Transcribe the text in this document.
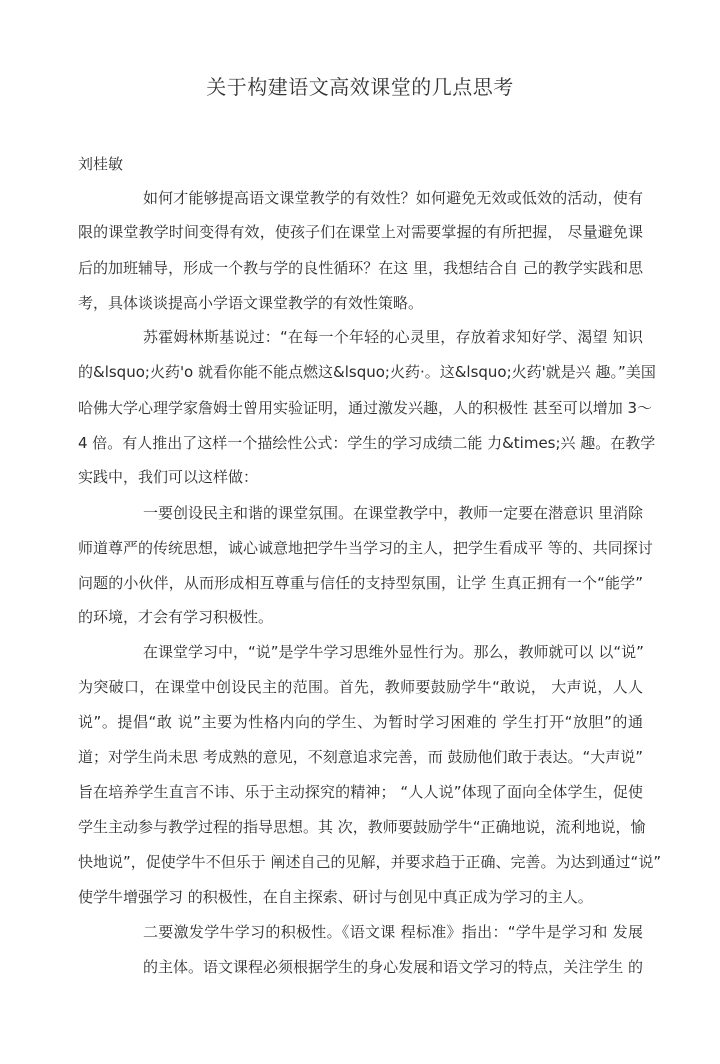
关于构建语文高效课堂的几点思考
刘桂敏
如何才能够提高语文课堂教学的有效性？如何避免无效或低效的活动，使有
限的课堂教学时间变得有效，使孩子们在课堂上对需要掌握的有所把握， 尽量避免课
后的加班辅导，形成一个教与学的良性循环？在这 里，我想结合自 己的教学实践和思
考，具体谈谈提高小学语文课堂教学的有效性策略。
苏霍姆林斯基说过：“在每一个年轻的心灵里，存放着求知好学、渴望 知识
的&lsquo;火药'o 就看你能不能点燃这&lsquo;火药·。这&lsquo;火药'就是兴 趣。”美国
哈佛大学心理学家詹姆士曾用实验证明，通过激发兴趣，人的积极性 甚至可以增加 3～
4 倍。有人推出了这样一个描绘性公式：学生的学习成绩二能 力&times;兴 趣。在教学
实践中，我们可以这样做：
一要创设民主和谐的课堂氛围。在课堂教学中，教师一定要在潜意识 里消除
师道尊严的传统思想，诚心诚意地把学牛当学习的主人，把学生看成平 等的、共同探讨
问题的小伙伴，从而形成相互尊重与信任的支持型氛围，让学 生真正拥有一个“能学”
的环境，才会有学习积极性。
在课堂学习中，“说”是学牛学习思维外显性行为。那么，教师就可以 以“说”
为突破口，在课堂中创设民主的范围。首先，教师要鼓励学牛“敢说， 大声说，人人
说”。提倡“敢 说”主要为性格内向的学生、为暂时学习困难的 学生打开“放胆”的通
道；对学生尚未思 考成熟的意见，不刻意追求完善，而 鼓励他们敢于表达。“大声说”
旨在培养学生直言不讳、乐于主动探究的精神； “人人说”体现了面向全体学生，促使
学生主动参与教学过程的指导思想。其 次，教师要鼓励学牛“正确地说，流利地说，愉
快地说”，促使学牛不但乐于 阐述自己的见解，并要求趋于正确、完善。为达到通过“说”
使学牛增强学习 的积极性，在自主探索、研讨与创见中真正成为学习的主人。
二要激发学牛学习的积极性。《语文课 程标准》指出：“学牛是学习和 发展
的主体。语文课程必须根据学生的身心发展和语文学习的特点，关注学生 的
